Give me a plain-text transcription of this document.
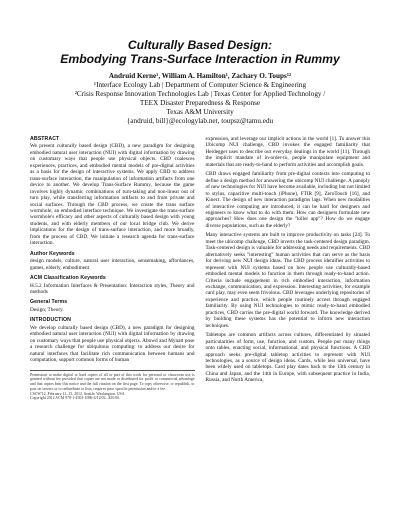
Culturally Based Design:
Embodying Trans-Surface Interaction in Rummy
Andruid Kerne¹, William A. Hamilton¹, Zachary O. Toups¹²
¹Interface Ecology Lab | Department of Computer Science & Engineering
²Crisis Response Innovation Technologies Lab | Texas Center for Applied Technology /
TEEX Disaster Preparedness & Response
Texas A&M University
{andruid, bill}@ecologylab.net, toupsz@tamu.edu
ABSTRACT

We present culturally based design (CBD), a new paradigm for designing embodied natural user interaction (NUI) with digital information by drawing on customary ways that people use physical objects. CBD coalesces experiences, practices, and embodied mental models of pre-digital activities as a basis for the design of interactive systems. We apply CBD to address trans-surface interaction, the manipulation of information artifacts from one device to another. We develop Trans-Surface Rummy, because the game involves highly dynamic combinations of turn-taking and non-linear out of turn play, while transferring information artifacts to and from private and social surfaces. Through the CBD process, we create the trans surface wormhole, an embodied interface technique. We investigate the trans-surface wormhole's efficacy and other aspects of culturally based design with young students, and with elderly members of our local bridge club. We derive implications for the design of trans-surface interaction, and more broadly, from the process of CBD. We initiate a research agenda for trans-surface interaction.

Author Keywords

design models, culture, natural user interaction, sensemaking, affordances, games, elderly, embodiment

ACM Classification Keywords

H.5.2 Information Interfaces & Presentation: Interaction styles, Theory and methods

General Terms

Design; Theory.

INTRODUCTION

We develop culturally based design (CBD), a new paradigm for designing embodied natural user interaction (NUI) with digital information by drawing on customary ways that people use physical objects. Abowd and Mynatt pose a research challenge for ubiquitous computing: to address our desire for natural interfaces that facilitate rich communication between humans and computation, support common forms of human

Permission to make digital or hard copies of all or part of this work for personal or classroom use is granted without fee provided that copies are not made or distributed for profit or commercial advantage and that copies bear this notice and the full citation on the first page. To copy otherwise, or republish, to post on servers or to redistribute to lists, requires prior specific permission and/or a fee.
CSCW'12, February 11–15, 2012, Seattle, Washington, USA.
Copyright 2012 ACM 978-1-4503-1086-4/12/02...$10.00.

expression, and leverage our implicit actions in the world [1]. To answer this Ubicomp NUI challenge, CBD invokes the engaged familiarity that Heidegger uses to describe our everyday dealings in the world [11]. Through the implicit mandate of in-order-to, people manipulate equipment and materials that are ready-to-hand to perform activities and accomplish goals.

CBD draws engaged familiarity from pre-digital contexts into computing to define a design method for answering the ubicomp NUI challenge. A panoply of new technologies for NUI have become available, including but not limited to stylus, capacitive multi-touch (iPhone), FTIR [9], ZeroTouch [16], and Kinect. The design of new interaction paradigms lags. When new modalities of interactive computing are introduced, it can be hard for designers and engineers to know what to do with them. How can designers formulate new approaches? How does one design the "killer app"? How do we engage diverse populations, such as the elderly?

Many interactive systems are built to improve productivity on tasks [24]. To meet the ubicomp challenge, CBD inverts the task-centered design paradigm. Task-centered design is valuable for addressing needs and requirements. CBD alternatively seeks "interesting" human activities that can serve as the basis for deriving new NUI design ideas. The CBD process identifies activities to represent with NUI systems based on how people use culturally-based embodied mental models to function in them through ready-to-hand action. Criteria include engagement in rich embodied interaction, information exchange, communication, and expression. Interesting activities, for example card play, may even seem frivolous. CBD leverages underlying repositories of experience and practice, which people routinely access through engaged familiarity. By using NUI technologies to mimic ready-to-hand embodied practices, CBD carries the pre-digital world forward. The knowledge derived by building these systems has the potential to inform new interaction techniques.

Tabletops are common artifacts across cultures, differentiated by situated particularities of form, use, function, and custom. People put many things onto tables, enacting social, informational, and physical functions. A CBD approach seeks pre-digital tabletop activities to represent with NUI technologies, as a source of design ideas. Cards, while less universal, have been widely used on tabletops. Card play dates back to the 13th century in China and Japan, and the 14th in Europe, with subsequent practice in India, Russia, and North America,
